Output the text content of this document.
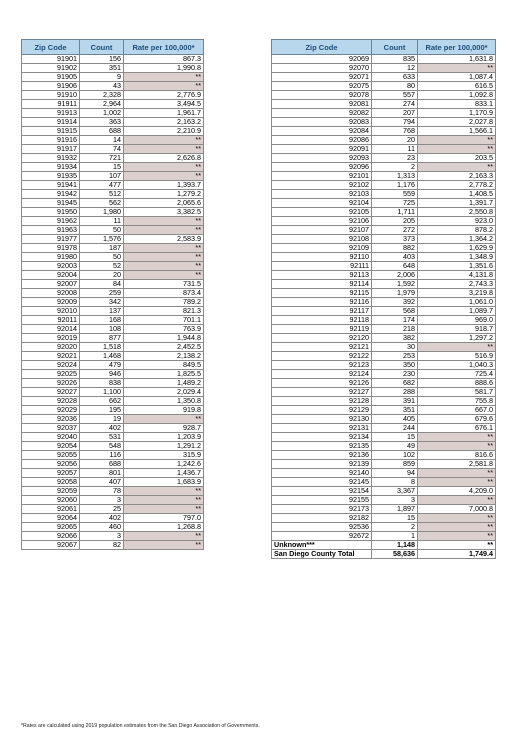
Zip Code	Count	Rate per 100,000*
91901	156	867.3
91902	351	1,990.8
91905	9	**
91906	43	**
91910	2,328	2,776.9
91911	2,964	3,494.5
91913	1,002	1,961.7
91914	363	2,163.2
91915	688	2,210.9
91916	14	**
91917	74	**
91932	721	2,626.8
91934	15	**
91935	107	**
91941	477	1,393.7
91942	512	1,279.2
91945	562	2,065.6
91950	1,980	3,382.5
91962	11	**
91963	50	**
91977	1,576	2,583.9
91978	187	**
91980	50	**
92003	52	**
92004	20	**
92007	84	731.5
92008	259	873.4
92009	342	789.2
92010	137	821.3
92011	168	701.1
92014	108	763.9
92019	877	1,944.8
92020	1,518	2,452.5
92021	1,468	2,138.2
92024	479	849.5
92025	946	1,825.5
92026	838	1,489.2
92027	1,100	2,029.4
92028	662	1,350.8
92029	195	919.8
92036	19	**
92037	402	928.7
92040	531	1,203.9
92054	548	1,291.2
92055	116	315.9
92056	688	1,242.6
92057	801	1,436.7
92058	407	1,683.9
92059	78	**
92060	3	**
92061	25	**
92064	402	797.0
92065	460	1,268.8
92066	3	**
92067	82	**
Zip Code	Count	Rate per 100,000*
92069	835	1,631.8
92070	12	**
92071	633	1,087.4
92075	80	616.5
92078	557	1,092.8
92081	274	833.1
92082	207	1,170.9
92083	794	2,027.8
92084	768	1,566.1
92086	20	**
92091	11	**
92093	23	203.5
92096	2	**
92101	1,313	2,163.3
92102	1,176	2,778.2
92103	559	1,408.5
92104	725	1,391.7
92105	1,711	2,550.8
92106	205	923.0
92107	272	878.2
92108	373	1,364.2
92109	882	1,629.9
92110	403	1,348.9
92111	648	1,351.6
92113	2,006	4,131.8
92114	1,592	2,743.3
92115	1,979	3,219.8
92116	392	1,061.0
92117	568	1,089.7
92118	174	969.0
92119	218	918.7
92120	382	1,297.2
92121	30	**
92122	253	516.9
92123	350	1,040.3
92124	230	725.4
92126	682	888.6
92127	288	581.7
92128	391	755.8
92129	351	667.0
92130	405	679.6
92131	244	676.1
92134	15	**
92135	49	**
92136	102	816.6
92139	859	2,581.8
92140	94	**
92145	8	**
92154	3,367	4,209.0
92155	3	**
92173	1,897	7,000.8
92182	15	**
92536	2	**
92672	1	**
Unknown***	1,148	**
San Diego County Total	58,636	1,749.4
*Rates are calculated using 2019 population estimates from the San Diego Association of Governments.
